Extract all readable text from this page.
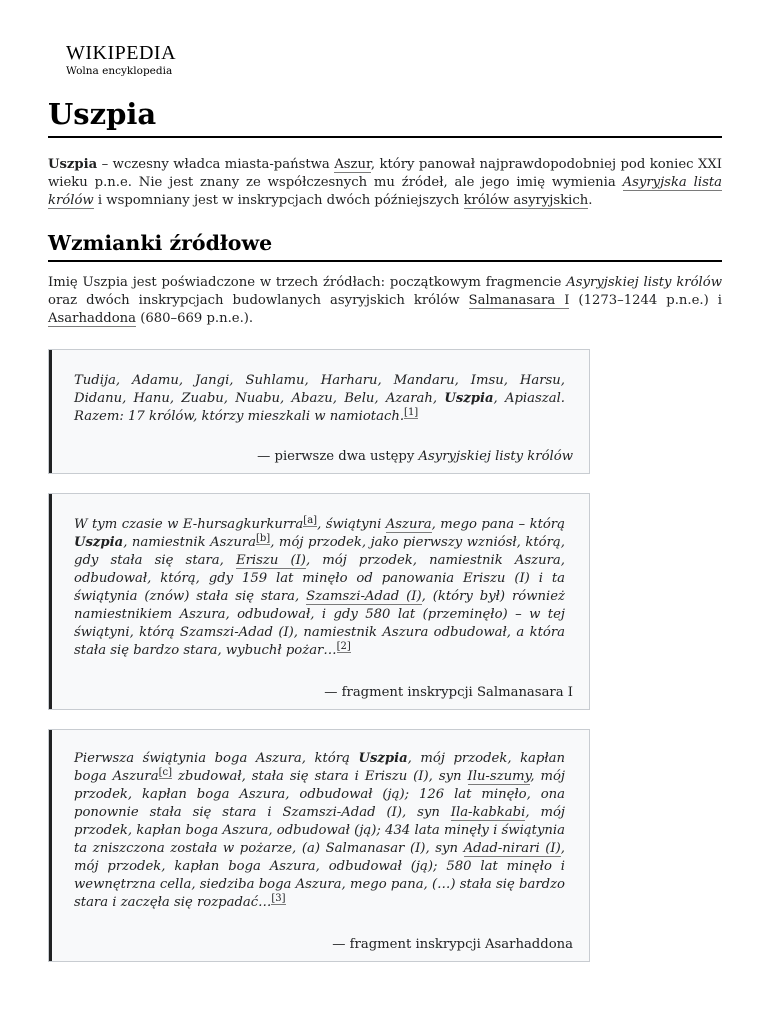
WIKIPEDIA
Wolna encyklopedia
Uszpia

Uszpia – wczesny władca miasta-państwa Aszur, który panował najprawdopodobniej pod koniec XXI wieku p.n.e. Nie jest znany ze współczesnych mu źródeł, ale jego imię wymienia Asyryjska lista królów i wspomniany jest w inskrypcjach dwóch późniejszych królów asyryjskich.

Wzmianki źródłowe

Imię Uszpia jest poświadczone w trzech źródłach: początkowym fragmencie Asyryjskiej listy królów oraz dwóch inskrypcjach budowlanych asyryjskich królów Salmanasara I (1273–1244 p.n.e.) i Asarhaddona (680–669 p.n.e.).

Tudija, Adamu, Jangi, Suhlamu, Harharu, Mandaru, Imsu, Harsu, Didanu, Hanu, Zuabu, Nuabu, Abazu, Belu, Azarah, Uszpia, Apiaszal. Razem: 17 królów, którzy mieszkali w namiotach.[1]
— pierwsze dwa ustępy Asyryjskiej listy królów
W tym czasie w E-hursagkurkurra[a], świątyni Aszura, mego pana – którą Uszpia, namiestnik Aszura[b], mój przodek, jako pierwszy wzniósł, którą, gdy stała się stara, Eriszu (I), mój przodek, namiestnik Aszura, odbudował, którą, gdy 159 lat minęło od panowania Eriszu (I) i ta świątynia (znów) stała się stara, Szamszi-Adad (I), (który był) również namiestnikiem Aszura, odbudował, i gdy 580 lat (przeminęło) – w tej świątyni, którą Szamszi-Adad (I), namiestnik Aszura odbudował, a która stała się bardzo stara, wybuchł pożar…[2]
— fragment inskrypcji Salmanasara I
Pierwsza świątynia boga Aszura, którą Uszpia, mój przodek, kapłan boga Aszura[c] zbudował, stała się stara i Eriszu (I), syn Ilu-szumy, mój przodek, kapłan boga Aszura, odbudował (ją); 126 lat minęło, ona ponownie stała się stara i Szamszi-Adad (I), syn Ila-kabkabi, mój przodek, kapłan boga Aszura, odbudował (ją); 434 lata minęły i świątynia ta zniszczona została w pożarze, (a) Salmanasar (I), syn Adad-nirari (I), mój przodek, kapłan boga Aszura, odbudował (ją); 580 lat minęło i wewnętrzna cella, siedziba boga Aszura, mego pana, (…) stała się bardzo stara i zaczęła się rozpadać…[3]
— fragment inskrypcji Asarhaddona
